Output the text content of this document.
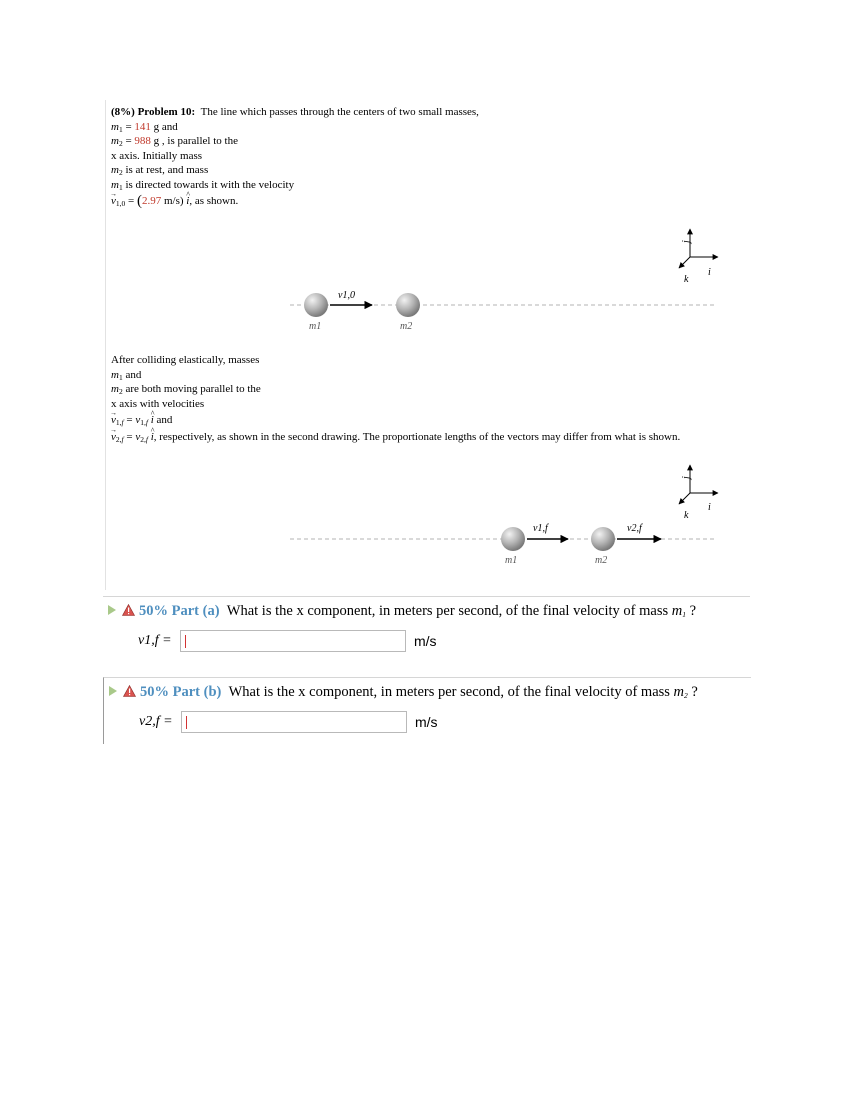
(8%) Problem 10: The line which passes through the centers of two small masses,
$m_1 = 141$ g and
$m_2 = 988$ g , is parallel to the
x axis. Initially mass
$m_2$ is at rest, and mass
$m_1$ is directed towards it with the velocity
→ $v_{1,0} = (2.97$ m/s) ^ i, as shown.
After colliding elastically, masses
$m_1$ and
$m_2$ are both moving parallel to the
x axis with velocities
→ $v_{1,f} = v_{1,f}$ ^ i and
→ $v_{2,f} = v_{2,f}$ ^ i, respectively, as shown in the second drawing. The proportionate lengths of the vectors may differ from what is shown.
j
i
k
v1,0
m1	m2
j
i
k
v1,f	v2,f
m1	m2
50% Part (a) What is the x component, in meters per second, of the final velocity of mass $m_1$ ?
v1,f =	m/s
50% Part (b) What is the x component, in meters per second, of the final velocity of mass $m_2$ ?
v2,f =	m/s
